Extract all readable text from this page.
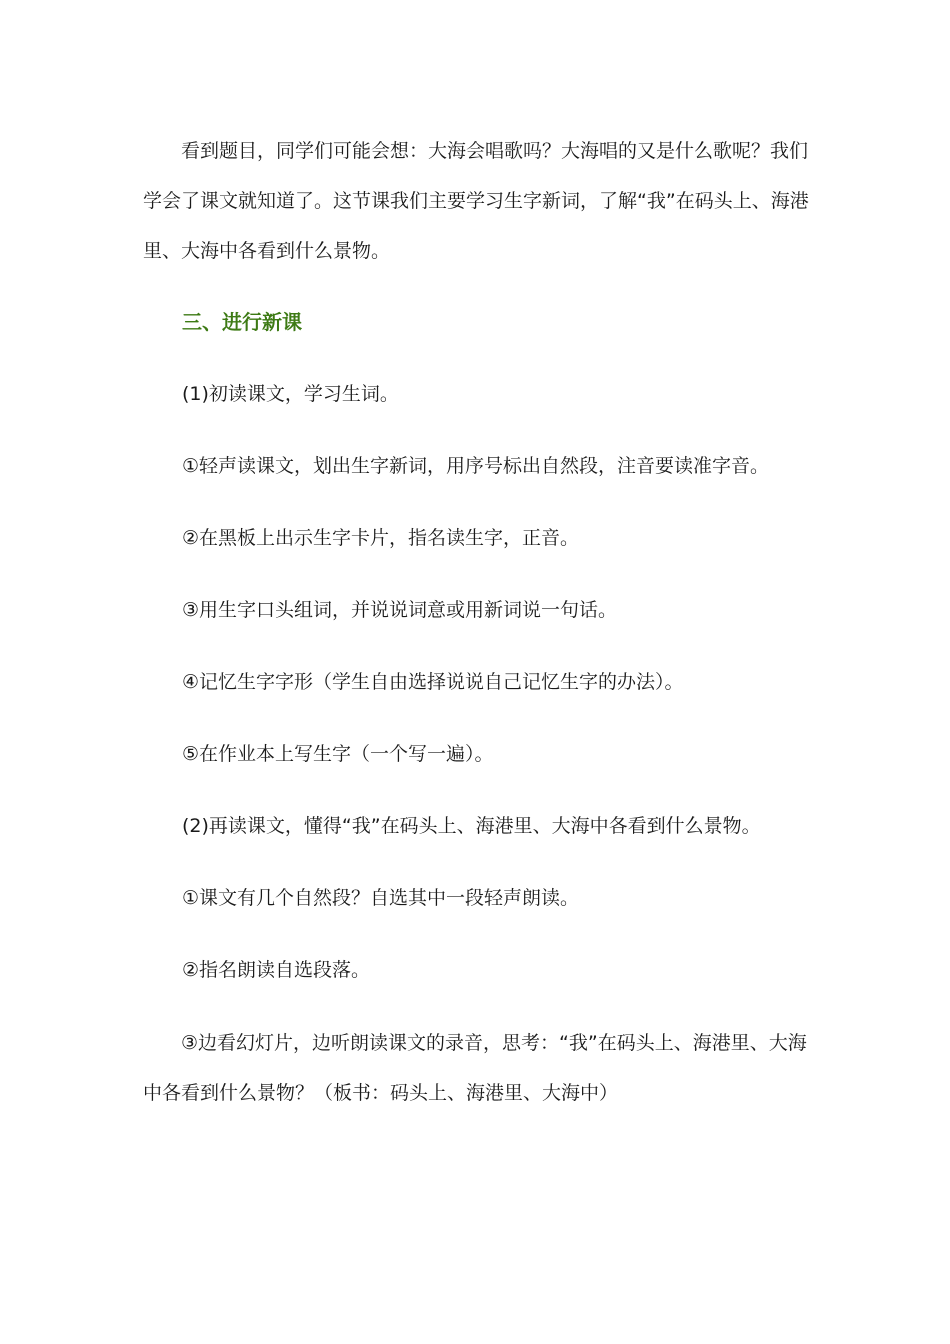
看到题目，同学们可能会想：大海会唱歌吗？大海唱的又是什么歌呢？我们学会了课文就知道了。这节课我们主要学习生字新词，了解“我”在码头上、海港里、大海中各看到什么景物。

三、进行新课

(1)初读课文，学习生词。

①轻声读课文，划出生字新词，用序号标出自然段，注音要读准字音。

②在黑板上出示生字卡片，指名读生字，正音。

③用生字口头组词，并说说词意或用新词说一句话。

④记忆生字字形（学生自由选择说说自己记忆生字的办法）。

⑤在作业本上写生字（一个写一遍）。

(2)再读课文，懂得“我”在码头上、海港里、大海中各看到什么景物。

①课文有几个自然段？自选其中一段轻声朗读。

②指名朗读自选段落。

③边看幻灯片，边听朗读课文的录音，思考：“我”在码头上、海港里、大海中各看到什么景物？（板书：码头上、海港里、大海中）
